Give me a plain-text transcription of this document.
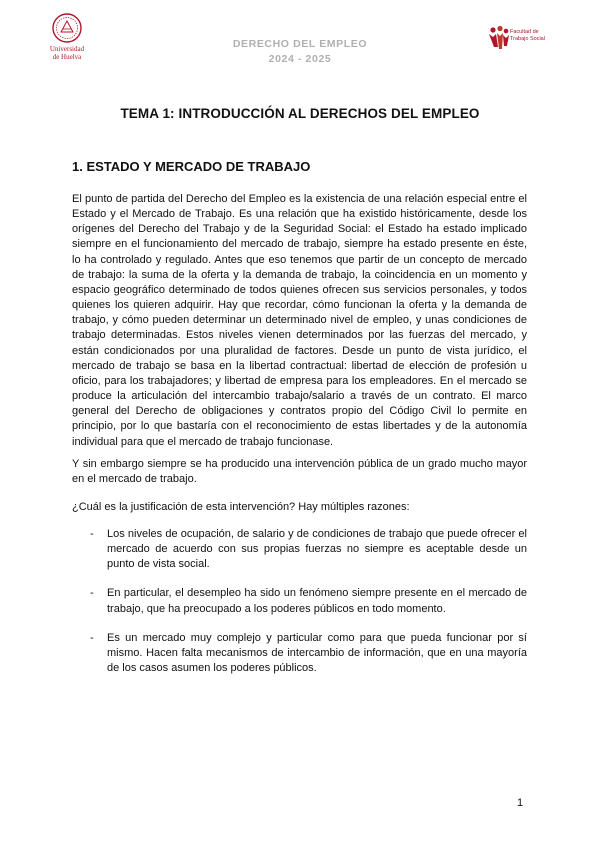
Universidad
de Huelva
DERECHO DEL EMPLEO
2024 - 2025
Facultad de
Trabajo Social
TEMA 1: INTRODUCCIÓN AL DERECHOS DEL EMPLEO
1. ESTADO Y MERCADO DE TRABAJO

El punto de partida del Derecho del Empleo es la existencia de una relación especial entre el Estado y el Mercado de Trabajo. Es una relación que ha existido históricamente, desde los orígenes del Derecho del Trabajo y de la Seguridad Social: el Estado ha estado implicado siempre en el funcionamiento del mercado de trabajo, siempre ha estado presente en éste, lo ha controlado y regulado. Antes que eso tenemos que partir de un concepto de mercado de trabajo: la suma de la oferta y la demanda de trabajo, la coincidencia en un momento y espacio geográfico determinado de todos quienes ofrecen sus servicios personales, y todos quienes los quieren adquirir. Hay que recordar, cómo funcionan la oferta y la demanda de trabajo, y cómo pueden determinar un determinado nivel de empleo, y unas condiciones de trabajo determinadas. Estos niveles vienen determinados por las fuerzas del mercado, y están condicionados por una pluralidad de factores. Desde un punto de vista jurídico, el mercado de trabajo se basa en la libertad contractual: libertad de elección de profesión u oficio, para los trabajadores; y libertad de empresa para los empleadores. En el mercado se produce la articulación del intercambio trabajo/salario a través de un contrato. El marco general del Derecho de obligaciones y contratos propio del Código Civil lo permite en principio, por lo que bastaría con el reconocimiento de estas libertades y de la autonomía individual para que el mercado de trabajo funcionase.

Y sin embargo siempre se ha producido una intervención pública de un grado mucho mayor en el mercado de trabajo.

¿Cuál es la justificación de esta intervención? Hay múltiples razones:

- Los niveles de ocupación, de salario y de condiciones de trabajo que puede ofrecer el mercado de acuerdo con sus propias fuerzas no siempre es aceptable desde un punto de vista social.
- En particular, el desempleo ha sido un fenómeno siempre presente en el mercado de trabajo, que ha preocupado a los poderes públicos en todo momento.
- Es un mercado muy complejo y particular como para que pueda funcionar por sí mismo. Hacen falta mecanismos de intercambio de información, que en una mayoría de los casos asumen los poderes públicos.
1
